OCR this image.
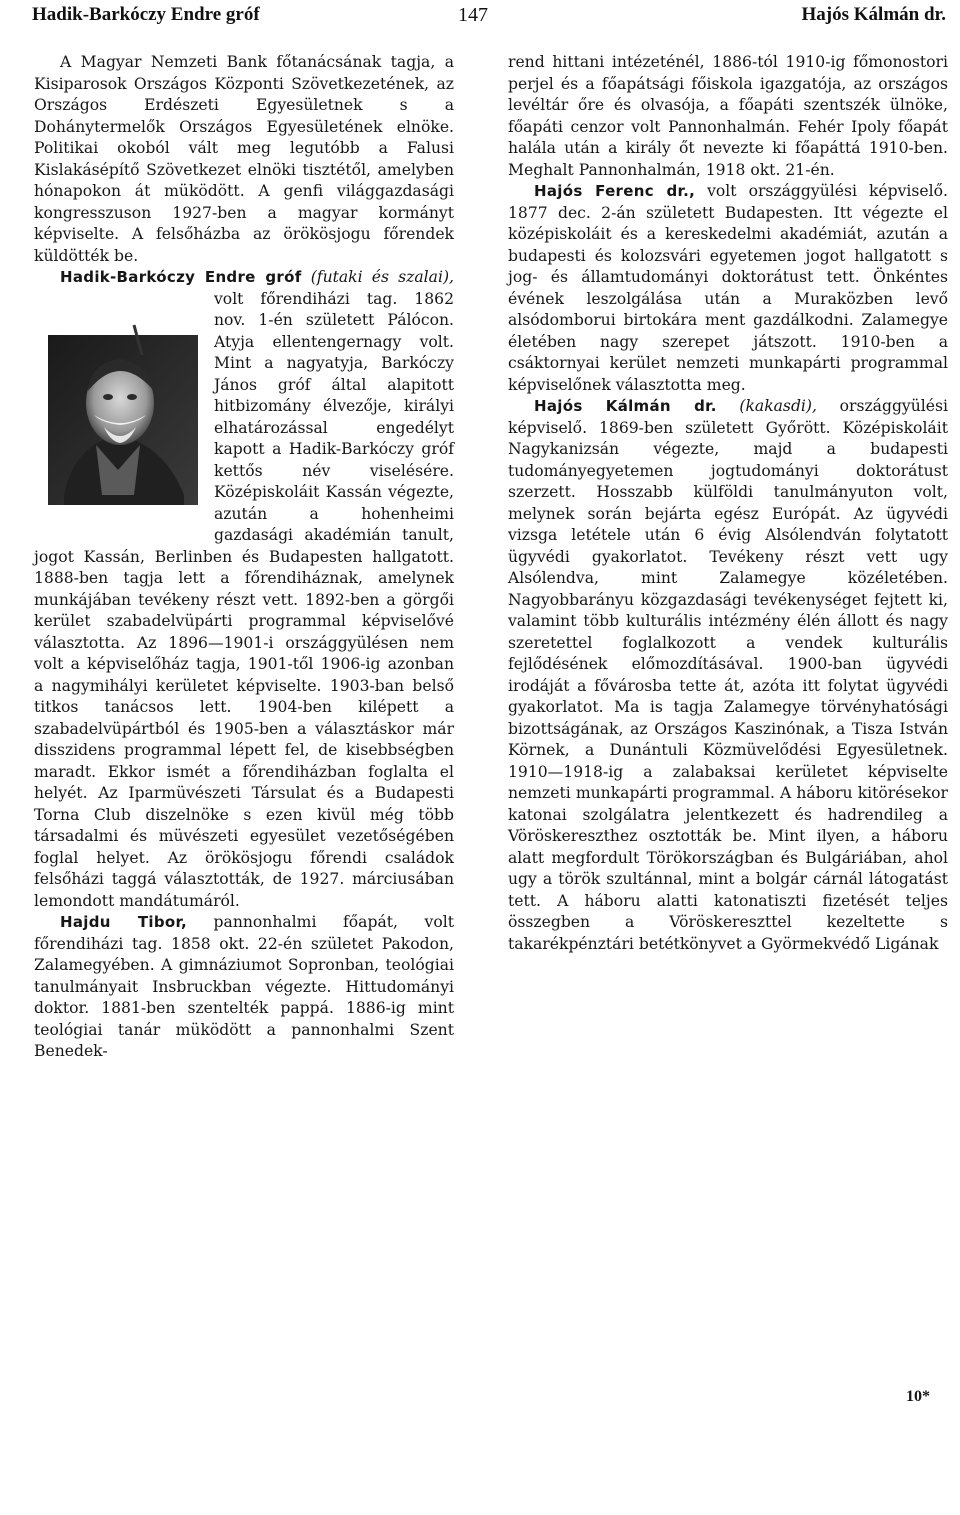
Hadik-Barkóczy Endre gróf	147	Hajós Kálmán dr.

A Magyar Nemzeti Bank főtanácsának tagja, a Kisiparosok Országos Központi Szövetkezetének, az Országos Erdészeti Egyesületnek s a Dohánytermelők Országos Egyesületének elnöke. Politikai okoból vált meg legutóbb a Falusi Kislakásépítő Szövetkezet elnöki tisztétől, amelyben hónapokon át müködött. A genfi világgazdasági kongresszuson 1927-ben a magyar kormányt képviselte. A felsőházba az örökösjogu főrendek küldötték be.

Hadik-Barkóczy Endre gróf (futaki és szalai),
volt főrendiházi tag. 1862 nov. 1-én született Pálócon. Atyja ellentengernagy volt. Mint a nagyatyja, Barkóczy János gróf által alapitott hitbizomány élvezője, királyi elhatározással engedélyt kapott a Hadik-Barkóczy gróf kettős név viselésére. Középiskoláit Kassán végezte, azután a hohenheimi gazdasági akadémián tanult, jogot Kassán, Berlinben és Budapesten hallgatott. 1888-ben tagja lett a főrendiháznak, amelynek munkájában tevékeny részt vett. 1892-ben a görgői kerület szabadelvüpárti programmal képviselővé választotta. Az 1896—1901-i országgyülésen nem volt a képviselőház tagja, 1901-től 1906-ig azonban a nagymihályi kerületet képviselte. 1903-ban belső titkos tanácsos lett. 1904-ben kilépett a szabadelvüpártból és 1905-ben a választáskor már disszidens programmal lépett fel, de kisebbségben maradt. Ekkor ismét a főrendiházban foglalta el helyét. Az Iparmüvészeti Társulat és a Budapesti Torna Club diszelnöke s ezen kivül még több társadalmi és müvészeti egyesület vezetőségében foglal helyet. Az örökösjogu főrendi családok felsőházi taggá választották, de 1927. márciusában lemondott mandátumáról.

Hajdu Tibor, pannonhalmi főapát, volt főrendiházi tag. 1858 okt. 22-én születet Pakodon, Zalamegyében. A gimnáziumot Sopronban, teológiai tanulmányait Insbruckban végezte. Hittudományi doktor. 1881-ben szentelték pappá. 1886-ig mint teológiai tanár müködött a pannonhalmi Szent Benedek-

rend hittani intézeténél, 1886-tól 1910-ig főmonostori perjel és a főapátsági főiskola igazgatója, az országos levéltár őre és olvasója, a főapáti szentszék ülnöke, főapáti cenzor volt Pannonhalmán. Fehér Ipoly főapát halála után a király őt nevezte ki főapáttá 1910-ben. Meghalt Pannonhalmán, 1918 okt. 21-én.

Hajós Ferenc dr., volt országgyülési képviselő. 1877 dec. 2-án született Budapesten. Itt végezte el középiskoláit és a kereskedelmi akadémiát, azután a budapesti és kolozsvári egyetemen jogot hallgatott s jog- és államtudományi doktorátust tett. Önkéntes évének leszolgálása után a Muraközben levő alsódomborui birtokára ment gazdálkodni. Zalamegye életében nagy szerepet játszott. 1910-ben a csáktornyai kerület nemzeti munkapárti programmal képviselőnek választotta meg.

Hajós Kálmán dr. (kakasdi), országgyülési képviselő. 1869-ben született Győrött. Középiskoláit Nagykanizsán végezte, majd a budapesti tudományegyetemen jogtudományi doktorátust szerzett. Hosszabb külföldi tanulmányuton volt, melynek során bejárta egész Európát. Az ügyvédi vizsga letétele után 6 évig Alsólendván folytatott ügyvédi gyakorlatot. Tevékeny részt vett ugy Alsólendva, mint Zalamegye közéletében. Nagyobbarányu közgazdasági tevékenységet fejtett ki, valamint több kulturális intézmény élén állott és nagy szeretettel foglalkozott a vendek kulturális fejlődésének előmozdításával. 1900-ban ügyvédi irodáját a fővárosba tette át, azóta itt folytat ügyvédi gyakorlatot. Ma is tagja Zalamegye törvényhatósági bizottságának, az Országos Kaszinónak, a Tisza István Körnek, a Dunántuli Közmüvelődési Egyesületnek. 1910—1918-ig a zalabaksai kerületet képviselte nemzeti munkapárti programmal. A háboru kitörésekor katonai szolgálatra jelentkezett és hadrendileg a Vöröskereszthez osztották be. Mint ilyen, a háboru alatt megfordult Törökországban és Bulgáriában, ahol ugy a török szultánnal, mint a bolgár cárnál látogatást tett. A háboru alatti katonatiszti fizetését teljes összegben a Vöröskereszttel kezeltette s takarékpénztári betétkönyvet a Györmekvédő Ligának

10*
